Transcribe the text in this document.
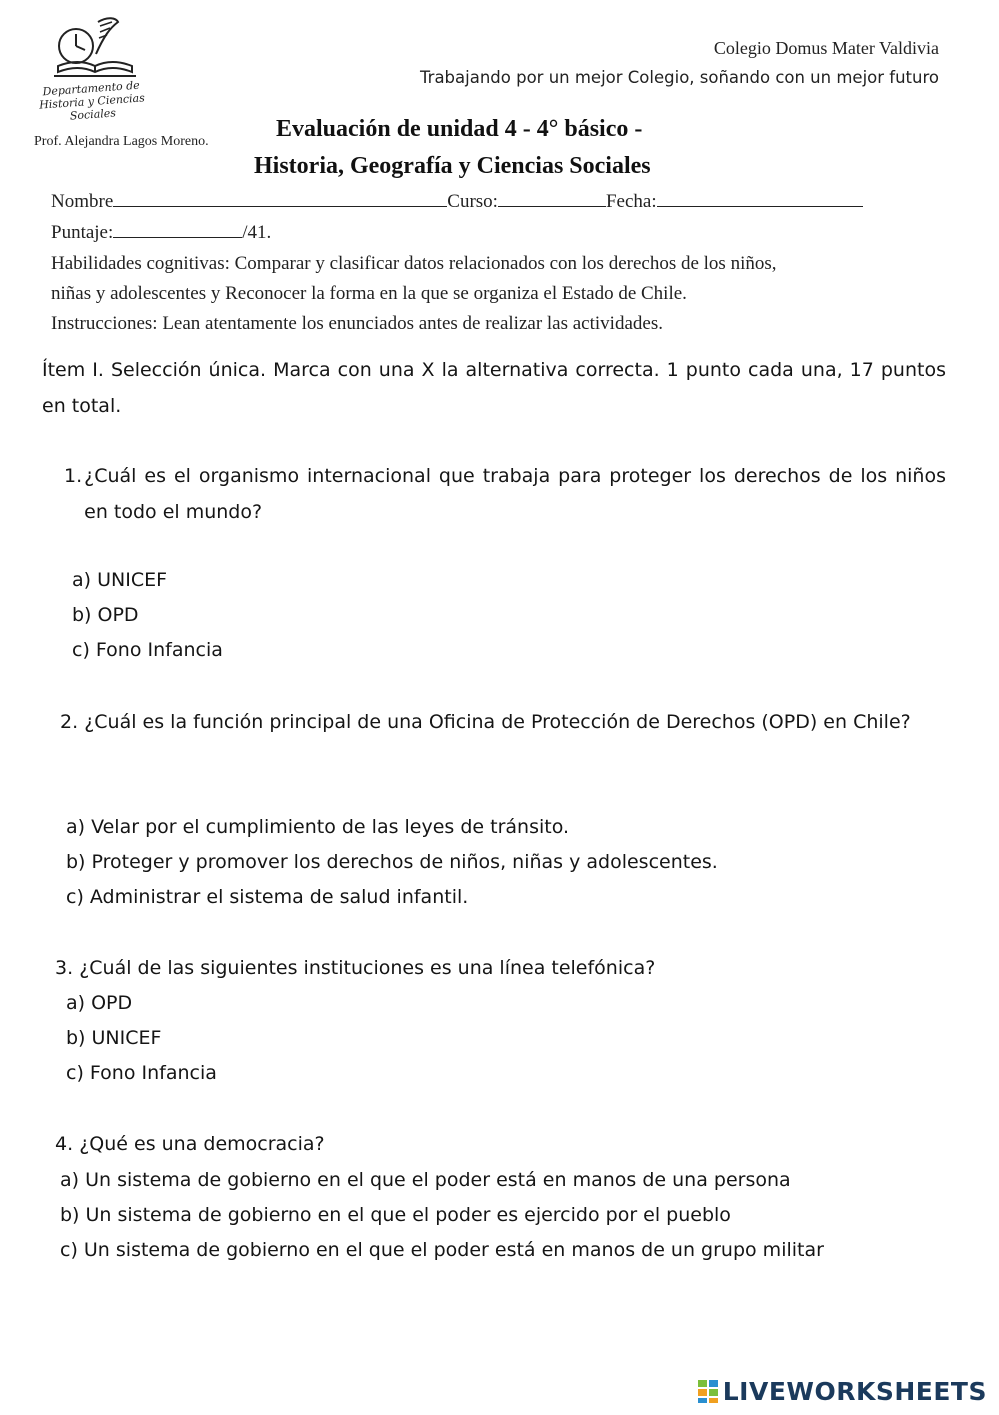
Departamento de Historia y Ciencias Sociales
Prof. Alejandra Lagos Moreno.
Colegio Domus Mater Valdivia
Trabajando por un mejor Colegio, soñando con un mejor futuro
Evaluación de unidad 4 - 4° básico -
Historia, Geografía y Ciencias Sociales
Nombre	Curso:	Fecha:
Puntaje:	/41.
Habilidades cognitivas: Comparar y clasificar datos relacionados con los derechos de los niños,
niñas y adolescentes y Reconocer la forma en la que se organiza el Estado de Chile.
Instrucciones: Lean atentamente los enunciados antes de realizar las actividades.
Ítem I. Selección única. Marca con una X la alternativa correcta. 1 punto cada una, 17 puntos en total.
1. ¿Cuál es el organismo internacional que trabaja para proteger los derechos de los niños en todo el mundo?
a) UNICEF
b) OPD
c) Fono Infancia
2. ¿Cuál es la función principal de una Oficina de Protección de Derechos (OPD) en Chile?
a) Velar por el cumplimiento de las leyes de tránsito.
b) Proteger y promover los derechos de niños, niñas y adolescentes.
c) Administrar el sistema de salud infantil.
3. ¿Cuál de las siguientes instituciones es una línea telefónica?
a) OPD
b) UNICEF
c) Fono Infancia
4. ¿Qué es una democracia?
a) Un sistema de gobierno en el que el poder está en manos de una persona
b) Un sistema de gobierno en el que el poder es ejercido por el pueblo
c) Un sistema de gobierno en el que el poder está en manos de un grupo militar
LIVEWORKSHEETS
